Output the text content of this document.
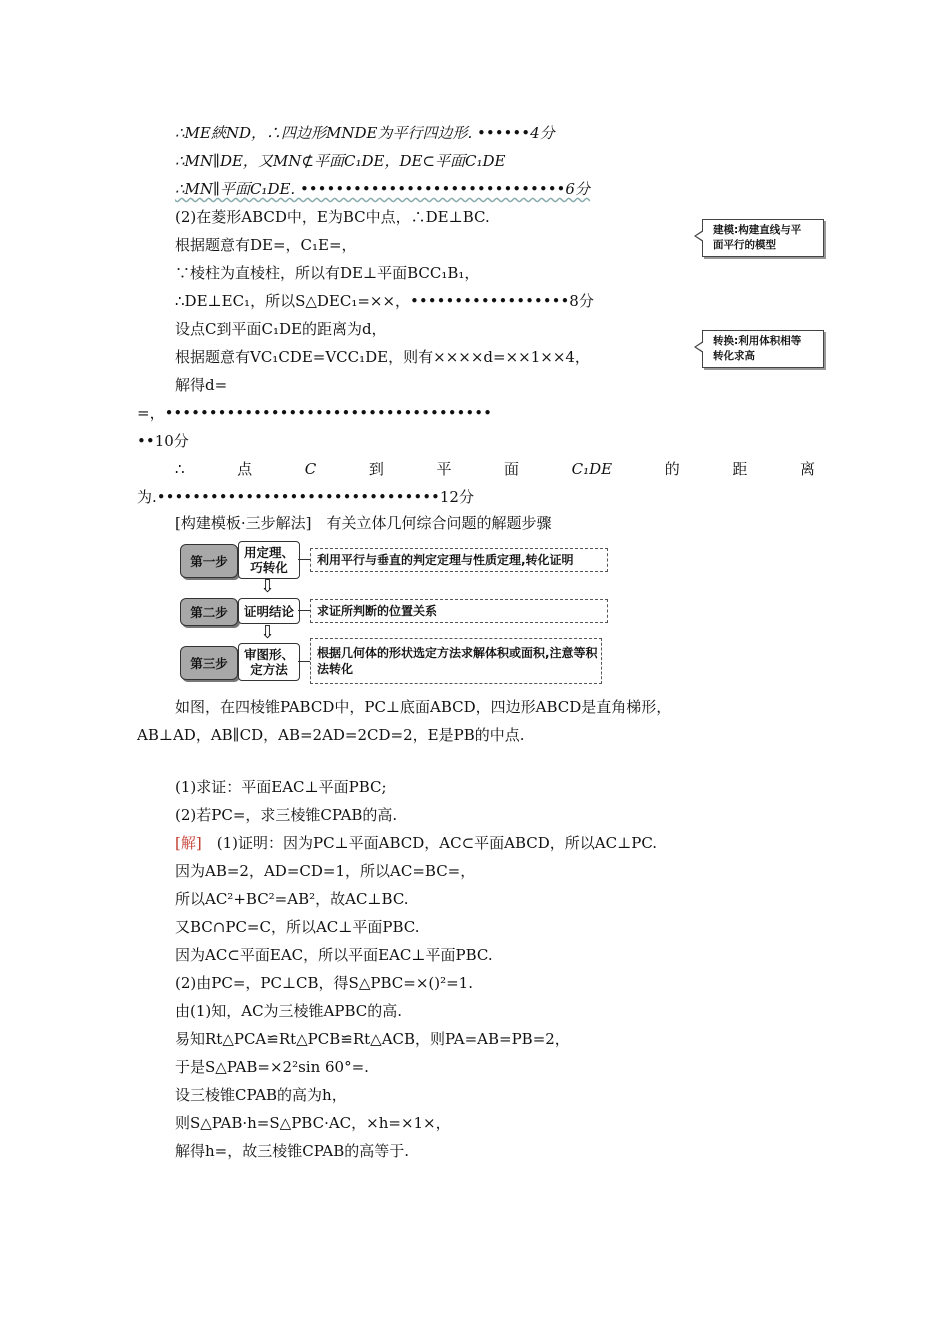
∴ME綊ND，∴四边形MNDE为平行四边形. ••••••4分
∴MN∥DE，又MN⊄平面C₁DE，DE⊂平面C₁DE
∴MN∥平面C₁DE. ••••••••••••••••••••••••••••••6分
(2)在菱形ABCD中，E为BC中点，∴DE⊥BC.
根据题意有DE=，C₁E=，
∵棱柱为直棱柱，所以有DE⊥平面BCC₁B₁，
∴DE⊥EC₁，所以S△DEC₁=××，••••••••••••••••••8分
设点C到平面C₁DE的距离为d，
根据题意有VC₁CDE=VCC₁DE，则有××××d=××1××4，
解得d=
=，•••••••••••••••••••••••••••••••••••••
••10分
∴	点	C	到	平	面	C₁DE	的	距	离
为.••••••••••••••••••••••••••••••••12分
建模:构建直线与平
面平行的模型
转换:利用体积相等
转化求高
[构建模板·三步解法]　有关立体几何综合问题的解题步骤
第一步
用定理、
巧转化	利用平行与垂直的判定定理与性质定理,转化证明
⇩
第二步	证明结论	求证所判断的位置关系
⇩
第三步
审图形、
定方法
根据几何体的形状选定方法求解体积或面积,注意等积法转化
如图，在四棱锥PABCD中，PC⊥底面ABCD，四边形ABCD是直角梯形，
AB⊥AD，AB∥CD，AB=2AD=2CD=2，E是PB的中点.
(1)求证：平面EAC⊥平面PBC;
(2)若PC=，求三棱锥CPAB的高.
[解]　 (1)证明：因为PC⊥平面ABCD，AC⊂平面ABCD，所以AC⊥PC.
因为AB=2，AD=CD=1，所以AC=BC=，
所以AC²+BC²=AB²，故AC⊥BC.
又BC∩PC=C，所以AC⊥平面PBC.
因为AC⊂平面EAC，所以平面EAC⊥平面PBC.
(2)由PC=，PC⊥CB，得S△PBC=×()²=1.
由(1)知，AC为三棱锥APBC的高.
易知Rt△PCA≌Rt△PCB≌Rt△ACB，则PA=AB=PB=2，
于是S△PAB=×2²sin 60°=.
设三棱锥CPAB的高为h，
则S△PAB·h=S△PBC·AC，×h=×1×，
解得h=，故三棱锥CPAB的高等于.
